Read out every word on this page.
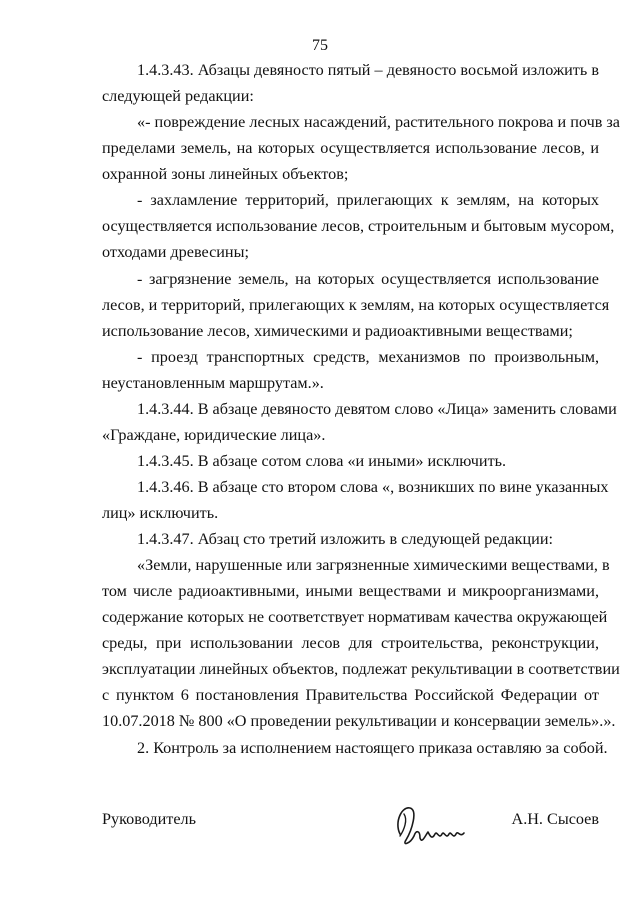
75
1.4.3.43. Абзацы девяносто пятый – девяносто восьмой изложить в
следующей редакции:
«- повреждение лесных насаждений, растительного покрова и почв за
пределами земель, на которых осуществляется использование лесов, и
охранной зоны линейных объектов;
- захламление территорий, прилегающих к землям, на которых
осуществляется использование лесов, строительным и бытовым мусором,
отходами древесины;
- загрязнение земель, на которых осуществляется использование
лесов, и территорий, прилегающих к землям, на которых осуществляется
использование лесов, химическими и радиоактивными веществами;
- проезд транспортных средств, механизмов по произвольным,
неустановленным маршрутам.».
1.4.3.44. В абзаце девяносто девятом слово «Лица» заменить словами
«Граждане, юридические лица».
1.4.3.45. В абзаце сотом слова «и иными» исключить.
1.4.3.46. В абзаце сто втором слова «, возникших по вине указанных
лиц» исключить.
1.4.3.47. Абзац сто третий изложить в следующей редакции:
«Земли, нарушенные или загрязненные химическими веществами, в
том числе радиоактивными, иными веществами и микроорганизмами,
содержание которых не соответствует нормативам качества окружающей
среды, при использовании лесов для строительства, реконструкции,
эксплуатации линейных объектов, подлежат рекультивации в соответствии
с пунктом 6 постановления Правительства Российской Федерации от
10.07.2018 № 800 «О проведении рекультивации и консервации земель».».
2. Контроль за исполнением настоящего приказа оставляю за собой.
Руководитель	А.Н. Сысоев
